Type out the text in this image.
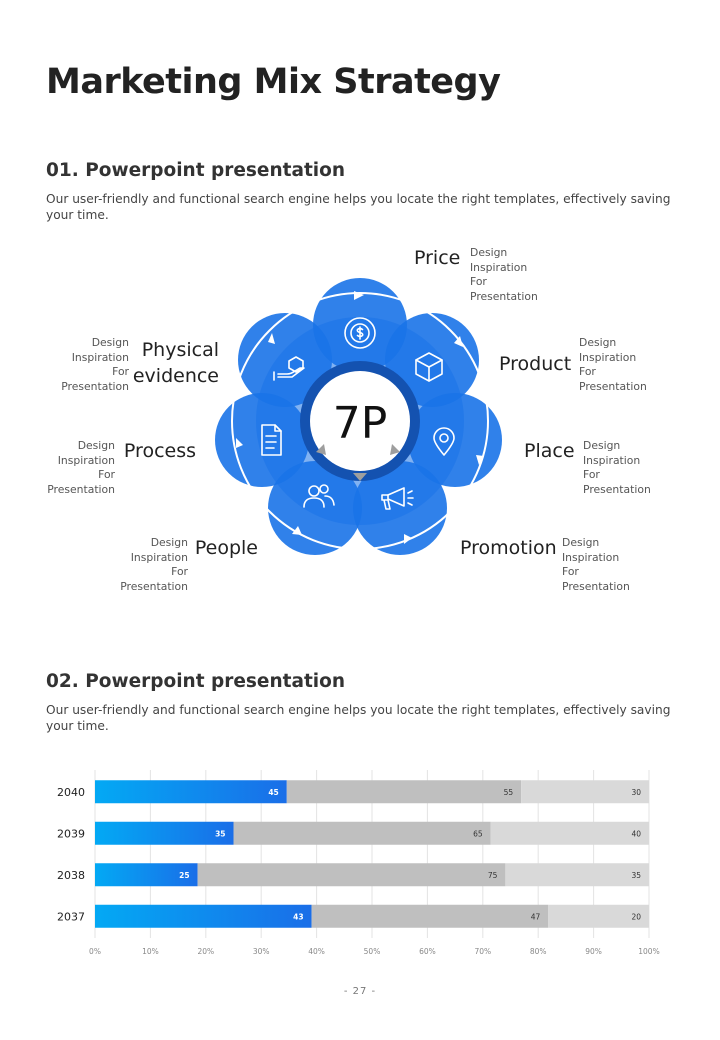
Marketing Mix Strategy
01. Powerpoint presentation

Our user-friendly and functional search engine helps you locate the right templates, effectively saving your time.

7P
Price Design
Inspiration
For
Presentation
Product
Design
Inspiration
For
Presentation
Place Design
Inspiration
For
Presentation
Promotion Design
Inspiration
For
Presentation
People
Design
Inspiration
For
Presentation
Process
Design
Inspiration
For
Presentation
Physical
evidence
Design
Inspiration
For
Presentation
02. Powerpoint presentation

Our user-friendly and functional search engine helps you locate the right templates, effectively saving your time.

0%	10%	20%	30%	40%	50%	60%	70%	80%	90%	100%
2040	45	55	30
2039	35	65	40
2038	25	75	35
2037	43	47	20
- 27 -
